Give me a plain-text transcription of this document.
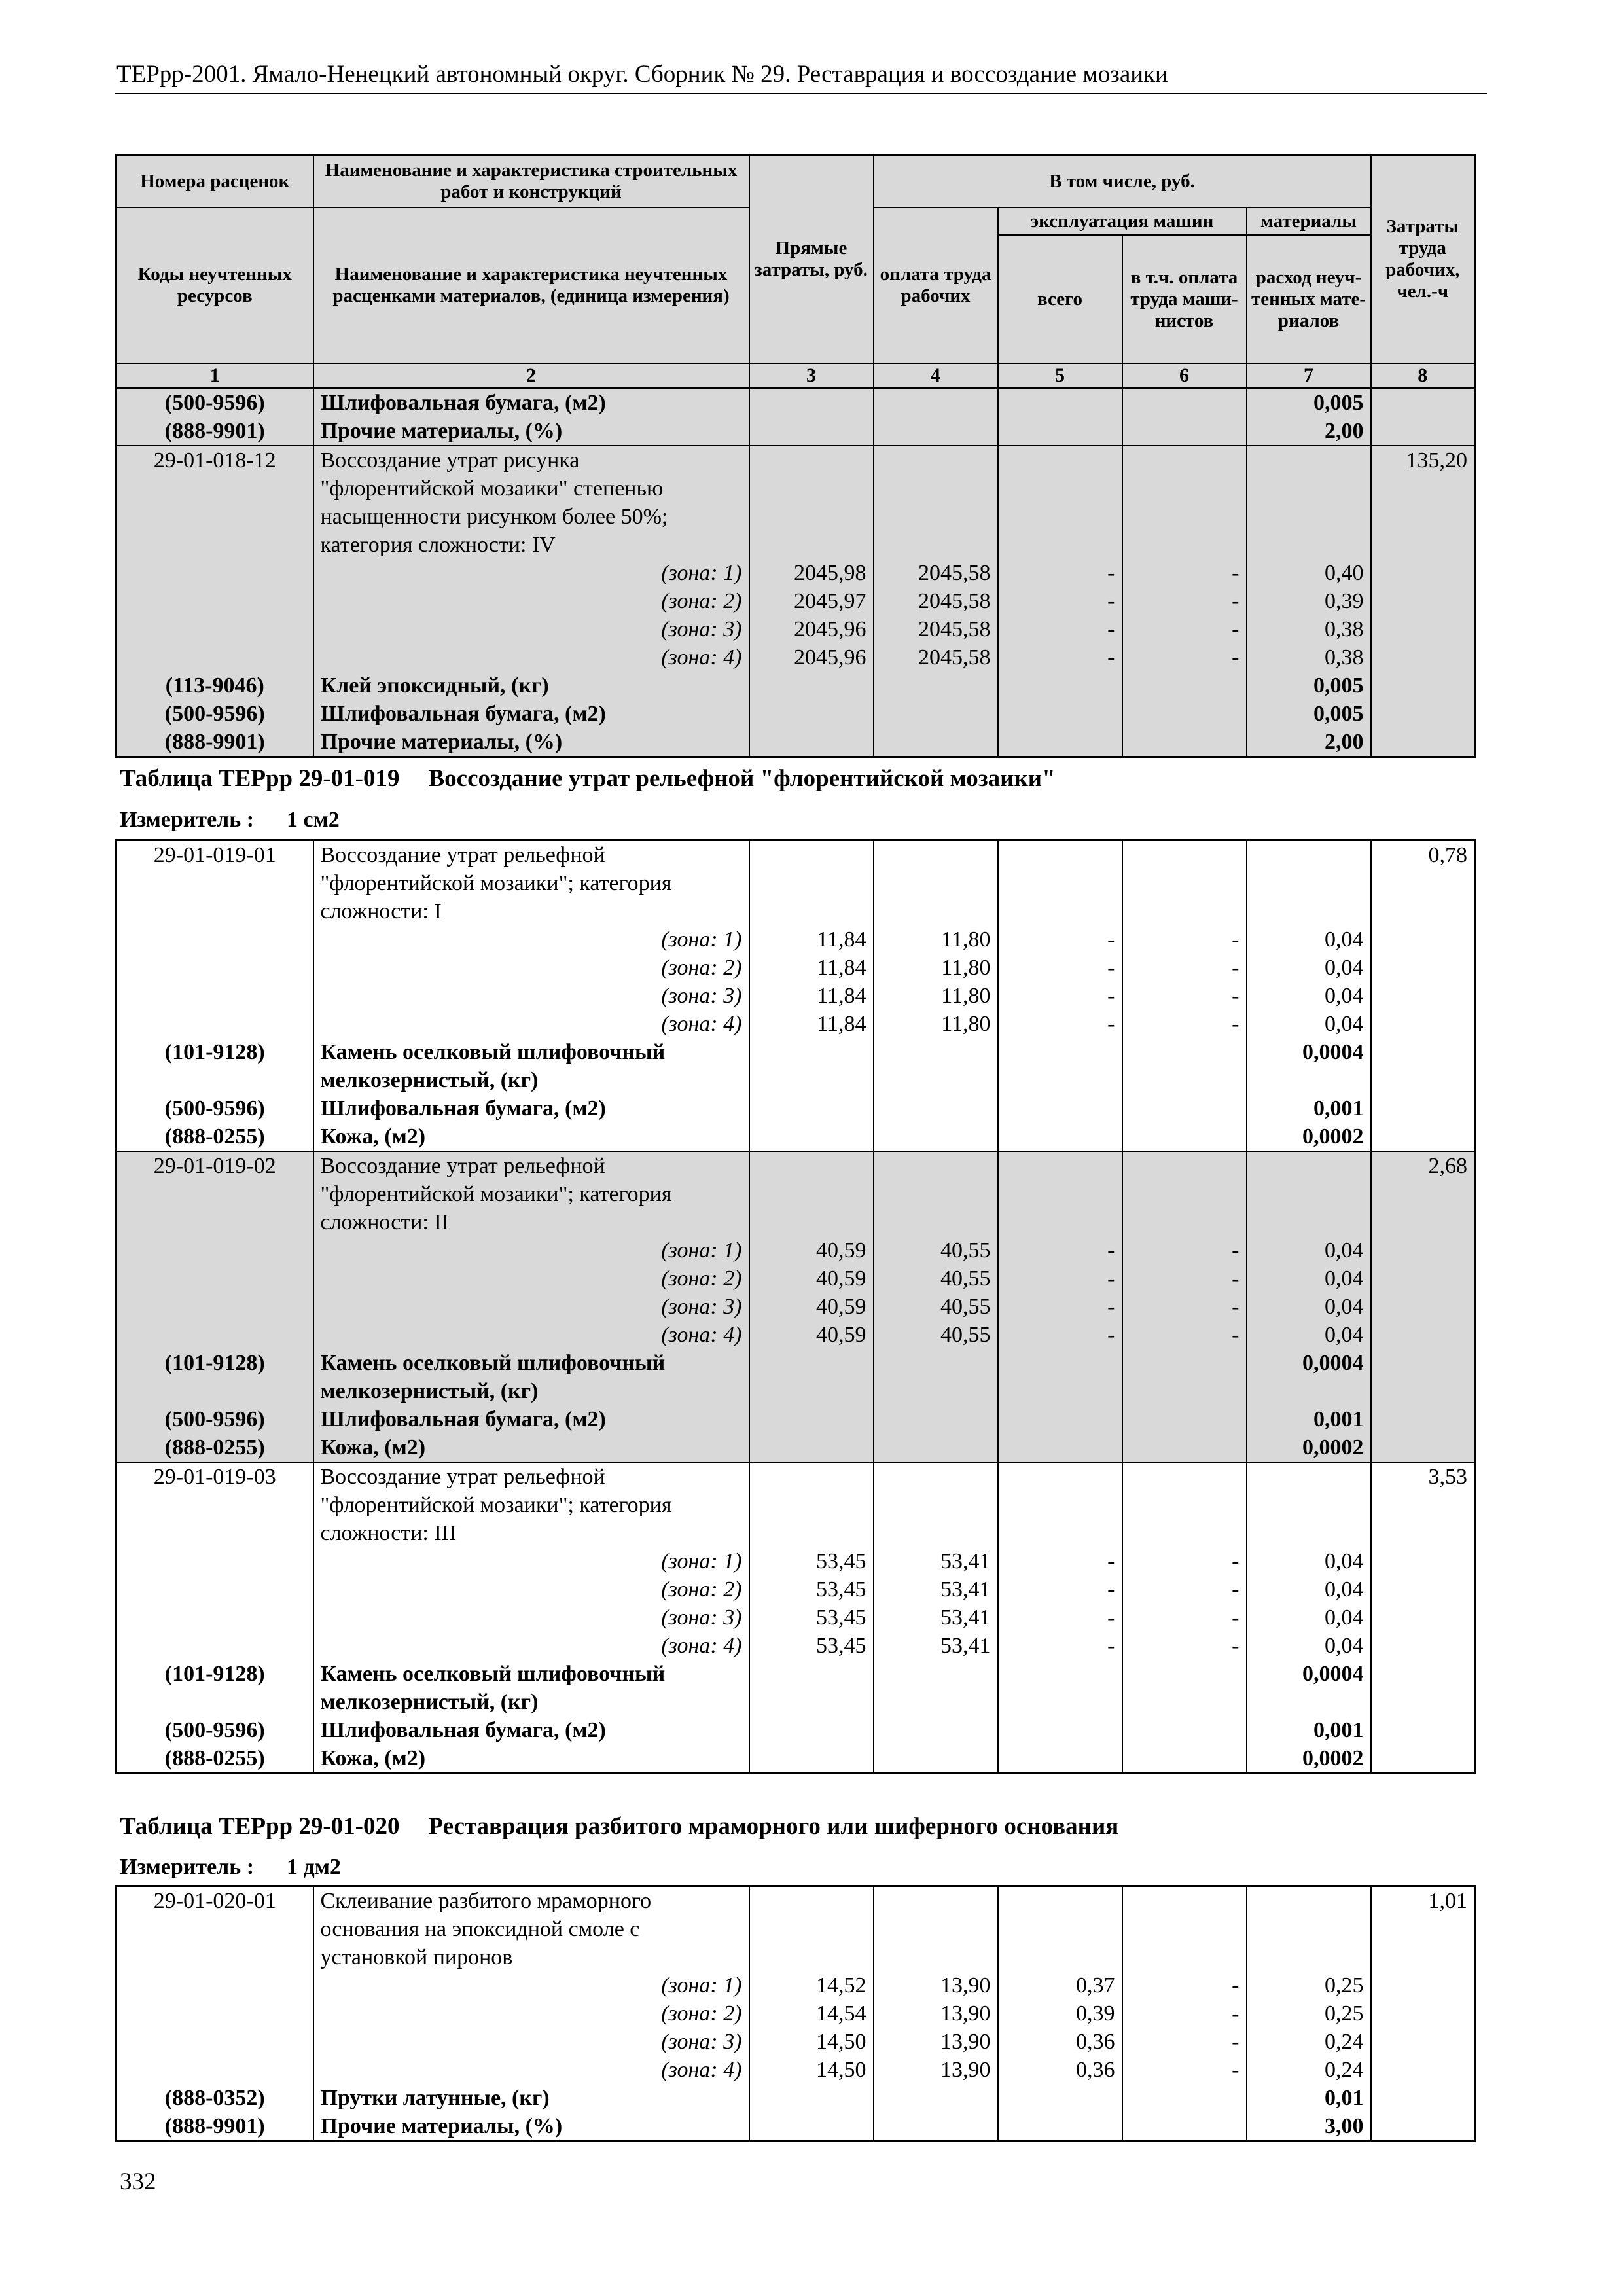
ТЕРрр-2001. Ямало-Ненецкий автономный округ. Сборник № 29. Реставрация и воссоздание мозаики
Номера расценок	Наименование и характеристика строительных работ и конструкций	Прямые затраты, руб.	В том числе, руб.				Затраты труда рабочих, чел.-ч
Коды неучтенных ресурсов	Наименование и характеристика неучтенных расценками материалов, (единица измерения)		оплата труда рабочих	эксплуатация машин		материалы	
				всего	в т.ч. оплата труда маши-нистов	расход неуч-тенных мате-риалов	
1	2	3	4	5	6	7	8
(500-9596)	Шлифовальная бумага, (м2)					0,005	
(888-9901)	Прочие материалы, (%)					2,00	
29-01-018-12	Воссоздание утрат рисунка						135,20
	"флорентийской мозаики" степенью						
	насыщенности рисунком более 50%;						
	категория сложности: IV						
	(зона: 1)	2045,98	2045,58	-	-	0,40	
	(зона: 2)	2045,97	2045,58	-	-	0,39	
	(зона: 3)	2045,96	2045,58	-	-	0,38	
	(зона: 4)	2045,96	2045,58	-	-	0,38	
(113-9046)	Клей эпоксидный, (кг)					0,005	
(500-9596)	Шлифовальная бумага, (м2)					0,005	
(888-9901)	Прочие материалы, (%)					2,00	
Таблица ТЕРрр 29-01-019 Воссоздание утрат рельефной "флорентийской мозаики"
Измеритель : 1 см2
29-01-019-01	Воссоздание утрат рельефной						0,78
	"флорентийской мозаики"; категория						
	сложности: I						
	(зона: 1)	11,84	11,80	-	-	0,04	
	(зона: 2)	11,84	11,80	-	-	0,04	
	(зона: 3)	11,84	11,80	-	-	0,04	
	(зона: 4)	11,84	11,80	-	-	0,04	
(101-9128)	Камень оселковый шлифовочный					0,0004	
	мелкозернистый, (кг)						
(500-9596)	Шлифовальная бумага, (м2)					0,001	
(888-0255)	Кожа, (м2)					0,0002	
29-01-019-02	Воссоздание утрат рельефной						2,68
	"флорентийской мозаики"; категория						
	сложности: II						
	(зона: 1)	40,59	40,55	-	-	0,04	
	(зона: 2)	40,59	40,55	-	-	0,04	
	(зона: 3)	40,59	40,55	-	-	0,04	
	(зона: 4)	40,59	40,55	-	-	0,04	
(101-9128)	Камень оселковый шлифовочный					0,0004	
	мелкозернистый, (кг)						
(500-9596)	Шлифовальная бумага, (м2)					0,001	
(888-0255)	Кожа, (м2)					0,0002	
29-01-019-03	Воссоздание утрат рельефной						3,53
	"флорентийской мозаики"; категория						
	сложности: III						
	(зона: 1)	53,45	53,41	-	-	0,04	
	(зона: 2)	53,45	53,41	-	-	0,04	
	(зона: 3)	53,45	53,41	-	-	0,04	
	(зона: 4)	53,45	53,41	-	-	0,04	
(101-9128)	Камень оселковый шлифовочный					0,0004	
	мелкозернистый, (кг)						
(500-9596)	Шлифовальная бумага, (м2)					0,001	
(888-0255)	Кожа, (м2)					0,0002	
Таблица ТЕРрр 29-01-020 Реставрация разбитого мраморного или шиферного основания
Измеритель : 1 дм2
29-01-020-01	Склеивание разбитого мраморного						1,01
	основания на эпоксидной смоле с						
	установкой пиронов						
	(зона: 1)	14,52	13,90	0,37	-	0,25	
	(зона: 2)	14,54	13,90	0,39	-	0,25	
	(зона: 3)	14,50	13,90	0,36	-	0,24	
	(зона: 4)	14,50	13,90	0,36	-	0,24	
(888-0352)	Прутки латунные, (кг)					0,01	
(888-9901)	Прочие материалы, (%)					3,00	
332
